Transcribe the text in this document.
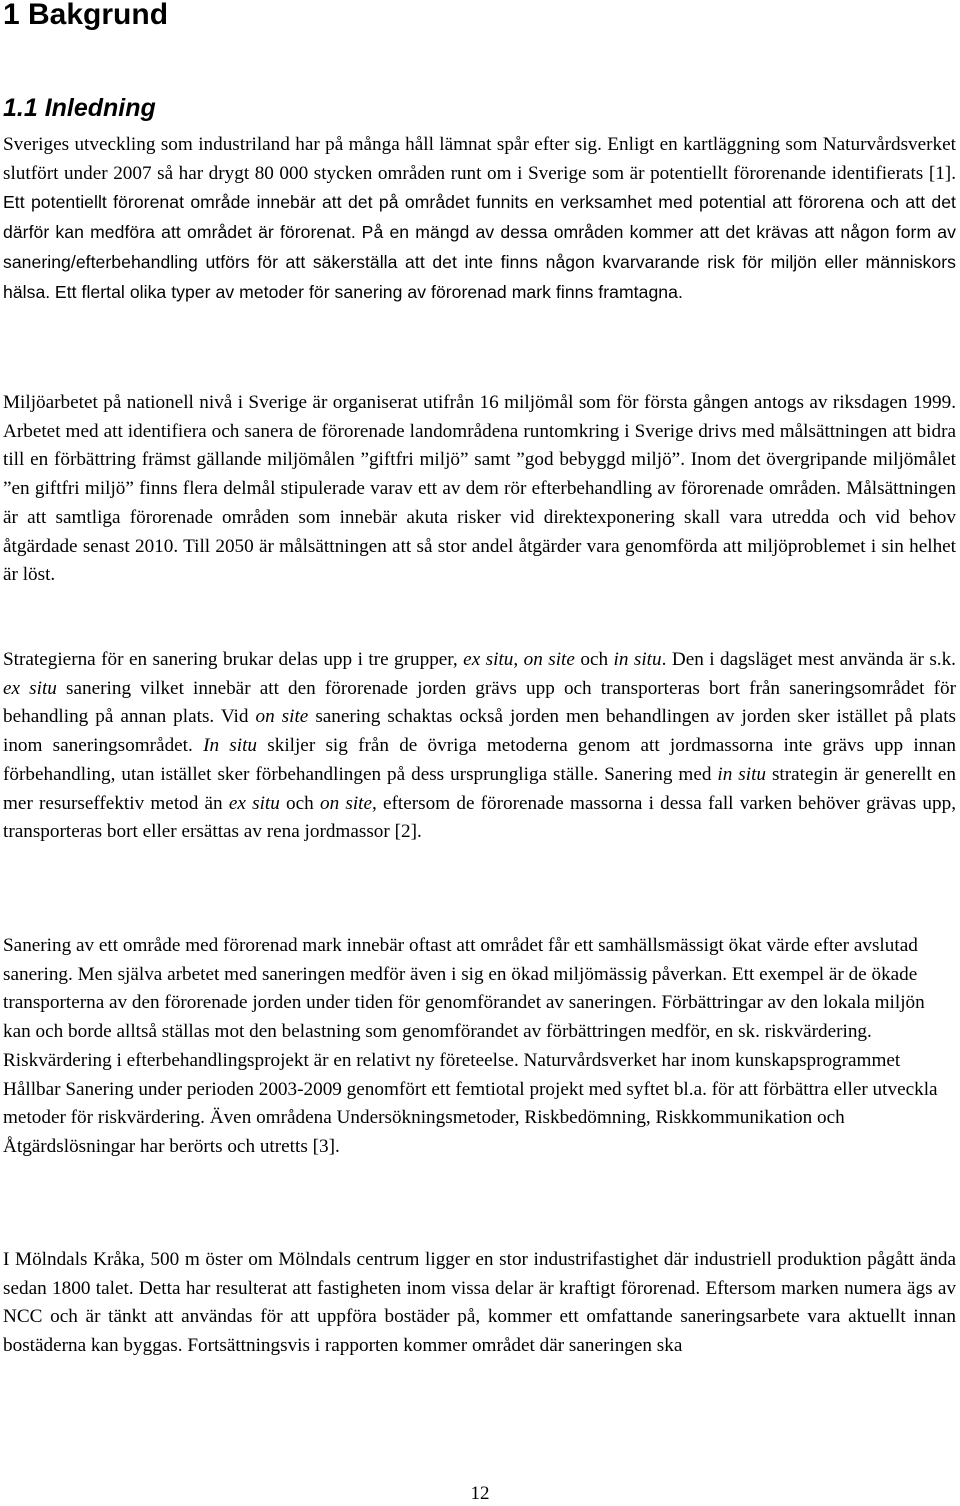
1 Bakgrund
1.1 Inledning

Sveriges utveckling som industriland har på många håll lämnat spår efter sig. Enligt en kartläggning som Naturvårdsverket slutfört under 2007 så har drygt 80 000 stycken områden runt om i Sverige som är potentiellt förorenande identifierats [1]. Ett potentiellt förorenat område innebär att det på området funnits en verksamhet med potential att förorena och att det därför kan medföra att området är förorenat. På en mängd av dessa områden kommer att det krävas att någon form av sanering/efterbehandling utförs för att säkerställa att det inte finns någon kvarvarande risk för miljön eller människors hälsa. Ett flertal olika typer av metoder för sanering av förorenad mark finns framtagna.

Miljöarbetet på nationell nivå i Sverige är organiserat utifrån 16 miljömål som för första gången antogs av riksdagen 1999. Arbetet med att identifiera och sanera de förorenade landområdena runtomkring i Sverige drivs med målsättningen att bidra till en förbättring främst gällande miljömålen ”giftfri miljö” samt ”god bebyggd miljö”. Inom det övergripande miljömålet ”en giftfri miljö” finns flera delmål stipulerade varav ett av dem rör efterbehandling av förorenade områden. Målsättningen är att samtliga förorenade områden som innebär akuta risker vid direktexponering skall vara utredda och vid behov åtgärdade senast 2010. Till 2050 är målsättningen att så stor andel åtgärder vara genomförda att miljöproblemet i sin helhet är löst.

Strategierna för en sanering brukar delas upp i tre grupper, ex situ, on site och in situ. Den i dagsläget mest använda är s.k. ex situ sanering vilket innebär att den förorenade jorden grävs upp och transporteras bort från saneringsområdet för behandling på annan plats. Vid on site sanering schaktas också jorden men behandlingen av jorden sker istället på plats inom saneringsområdet. In situ skiljer sig från de övriga metoderna genom att jordmassorna inte grävs upp innan förbehandling, utan istället sker förbehandlingen på dess ursprungliga ställe. Sanering med in situ strategin är generellt en mer resurseffektiv metod än ex situ och on site, eftersom de förorenade massorna i dessa fall varken behöver grävas upp, transporteras bort eller ersättas av rena jordmassor [2].

Sanering av ett område med förorenad mark innebär oftast att området får ett samhällsmässigt ökat värde efter avslutad sanering. Men själva arbetet med saneringen medför även i sig en ökad miljömässig påverkan. Ett exempel är de ökade transporterna av den förorenade jorden under tiden för genomförandet av saneringen. Förbättringar av den lokala miljön kan och borde alltså ställas mot den belastning som genomförandet av förbättringen medför, en sk. riskvärdering. Riskvärdering i efterbehandlingsprojekt är en relativt ny företeelse. Naturvårdsverket har inom kunskapsprogrammet Hållbar Sanering under perioden 2003-2009 genomfört ett femtiotal projekt med syftet bl.a. för att förbättra eller utveckla metoder för riskvärdering. Även områdena Undersökningsmetoder, Riskbedömning, Riskkommunikation och Åtgärdslösningar har berörts och utretts [3].

I Mölndals Kråka, 500 m öster om Mölndals centrum ligger en stor industrifastighet där industriell produktion pågått ända sedan 1800 talet. Detta har resulterat att fastigheten inom vissa delar är kraftigt förorenad. Eftersom marken numera ägs av NCC och är tänkt att användas för att uppföra bostäder på, kommer ett omfattande saneringsarbete vara aktuellt innan bostäderna kan byggas. Fortsättningsvis i rapporten kommer området där saneringen ska

12
